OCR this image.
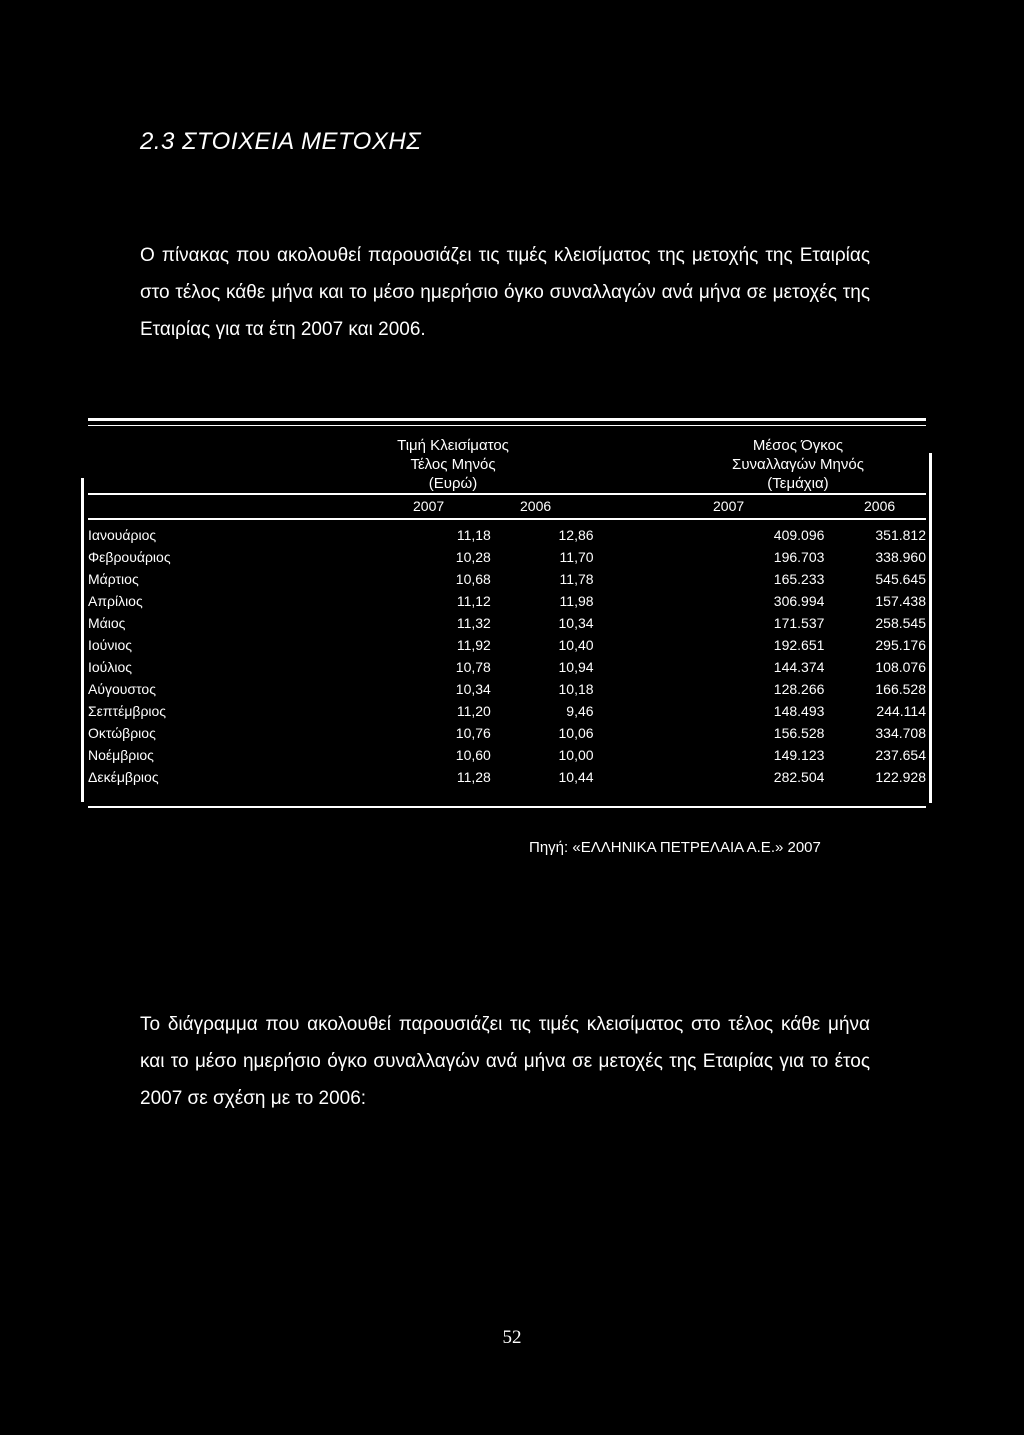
2.3 ΣΤΟΙΧΕΙΑ ΜΕΤΟΧΗΣ
Ο πίνακας που ακολουθεί παρουσιάζει τις τιμές κλεισίματος της μετοχής της Εταιρίας στο τέλος κάθε μήνα και το μέσο ημερήσιο όγκο συναλλαγών ανά μήνα σε μετοχές της Εταιρίας για τα έτη 2007 και 2006.
Τιμή Κλεισίματος
Τέλος Μηνός
(Ευρώ)
Μέσος Όγκος
Συναλλαγών Μηνός
(Τεμάχια)
2007	2006	2007	2006
Ιανουάριος	11,18	12,86	409.096	351.812
Φεβρουάριος	10,28	11,70	196.703	338.960
Μάρτιος	10,68	11,78	165.233	545.645
Απρίλιος	11,12	11,98	306.994	157.438
Μάιος	11,32	10,34	171.537	258.545
Ιούνιος	11,92	10,40	192.651	295.176
Ιούλιος	10,78	10,94	144.374	108.076
Αύγουστος	10,34	10,18	128.266	166.528
Σεπτέμβριος	11,20	9,46	148.493	244.114
Οκτώβριος	10,76	10,06	156.528	334.708
Νοέμβριος	10,60	10,00	149.123	237.654
Δεκέμβριος	11,28	10,44	282.504	122.928
Πηγή: «ΕΛΛΗΝΙΚΑ ΠΕΤΡΕΛΑΙΑ Α.Ε.» 2007
Το διάγραμμα που ακολουθεί παρουσιάζει τις τιμές κλεισίματος στο τέλος κάθε μήνα και το μέσο ημερήσιο όγκο συναλλαγών ανά μήνα σε μετοχές της Εταιρίας για το έτος 2007 σε σχέση με το 2006:
52
